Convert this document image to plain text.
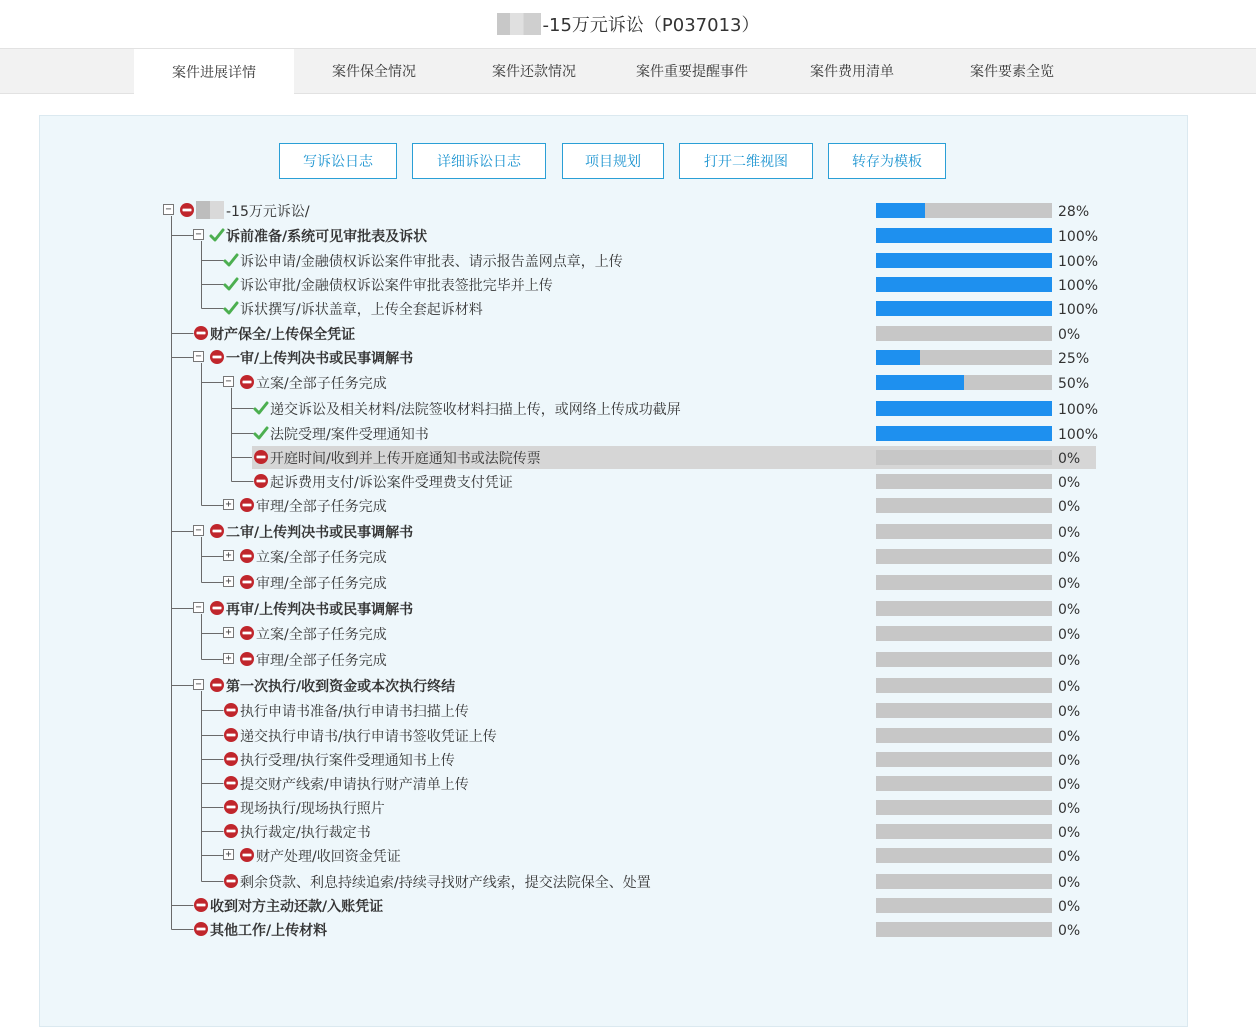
-15万元诉讼（P037013）
案件进展详情	案件保全情况	案件还款情况	案件重要提醒事件	案件费用清单	案件要素全览
写诉讼日志	详细诉讼日志	项目规划	打开二维视图	转存为模板
−	-15万元诉讼/	28%
− 诉前准备/系统可见审批表及诉状	100%
诉讼申请/金融债权诉讼案件审批表、请示报告盖网点章，上传	100%
诉讼审批/金融债权诉讼案件审批表签批完毕并上传	100%
诉状撰写/诉状盖章，上传全套起诉材料	100%
财产保全/上传保全凭证	0%
− 一审/上传判决书或民事调解书	25%
− 立案/全部子任务完成	50%
递交诉讼及相关材料/法院签收材料扫描上传，或网络上传成功截屏	100%
法院受理/案件受理通知书	100%
开庭时间/收到并上传开庭通知书或法院传票	0%
起诉费用支付/诉讼案件受理费支付凭证	0%
+ 审理/全部子任务完成	0%
− 二审/上传判决书或民事调解书	0%
+ 立案/全部子任务完成	0%
+ 审理/全部子任务完成	0%
− 再审/上传判决书或民事调解书	0%
+ 立案/全部子任务完成	0%
+ 审理/全部子任务完成	0%
− 第一次执行/收到资金或本次执行终结	0%
执行申请书准备/执行申请书扫描上传	0%
递交执行申请书/执行申请书签收凭证上传	0%
执行受理/执行案件受理通知书上传	0%
提交财产线索/申请执行财产清单上传	0%
现场执行/现场执行照片	0%
执行裁定/执行裁定书	0%
+ 财产处理/收回资金凭证	0%
剩余贷款、利息持续追索/持续寻找财产线索，提交法院保全、处置	0%
收到对方主动还款/入账凭证	0%
其他工作/上传材料	0%
